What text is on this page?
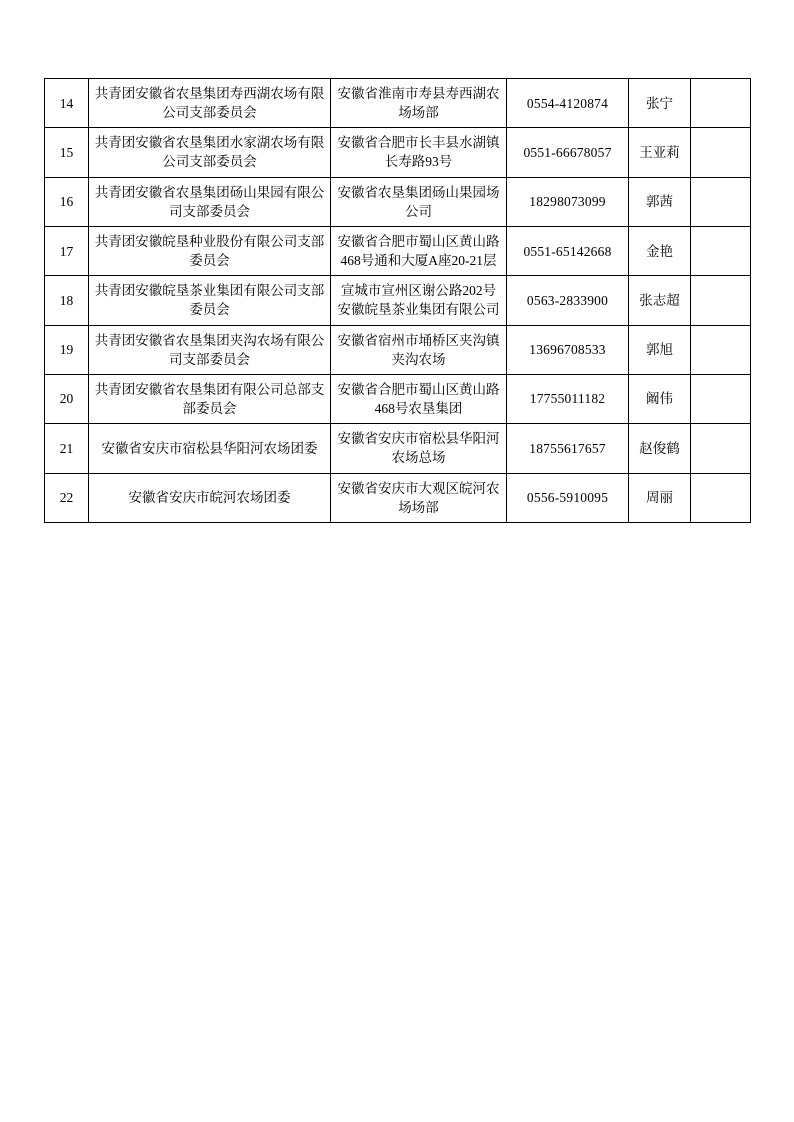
14	共青团安徽省农垦集团寿西湖农场有限公司支部委员会	安徽省淮南市寿县寿西湖农场场部	0554-4120874	张宁	
15	共青团安徽省农垦集团水家湖农场有限公司支部委员会	安徽省合肥市长丰县水湖镇长寿路93号	0551-66678057	王亚莉	
16	共青团安徽省农垦集团砀山果园有限公司支部委员会	安徽省农垦集团砀山果园场公司	18298073099	郭茜	
17	共青团安徽皖垦种业股份有限公司支部委员会	安徽省合肥市蜀山区黄山路468号通和大厦A座20-21层	0551-65142668	金艳	
18	共青团安徽皖垦茶业集团有限公司支部委员会	宣城市宣州区谢公路202号安徽皖垦茶业集团有限公司	0563-2833900	张志超	
19	共青团安徽省农垦集团夹沟农场有限公司支部委员会	安徽省宿州市埇桥区夹沟镇夹沟农场	13696708533	郭旭	
20	共青团安徽省农垦集团有限公司总部支部委员会	安徽省合肥市蜀山区黄山路468号农垦集团	17755011182	阚伟	
21	安徽省安庆市宿松县华阳河农场团委	安徽省安庆市宿松县华阳河农场总场	18755617657	赵俊鹤	
22	安徽省安庆市皖河农场团委	安徽省安庆市大观区皖河农场场部	0556-5910095	周丽	
